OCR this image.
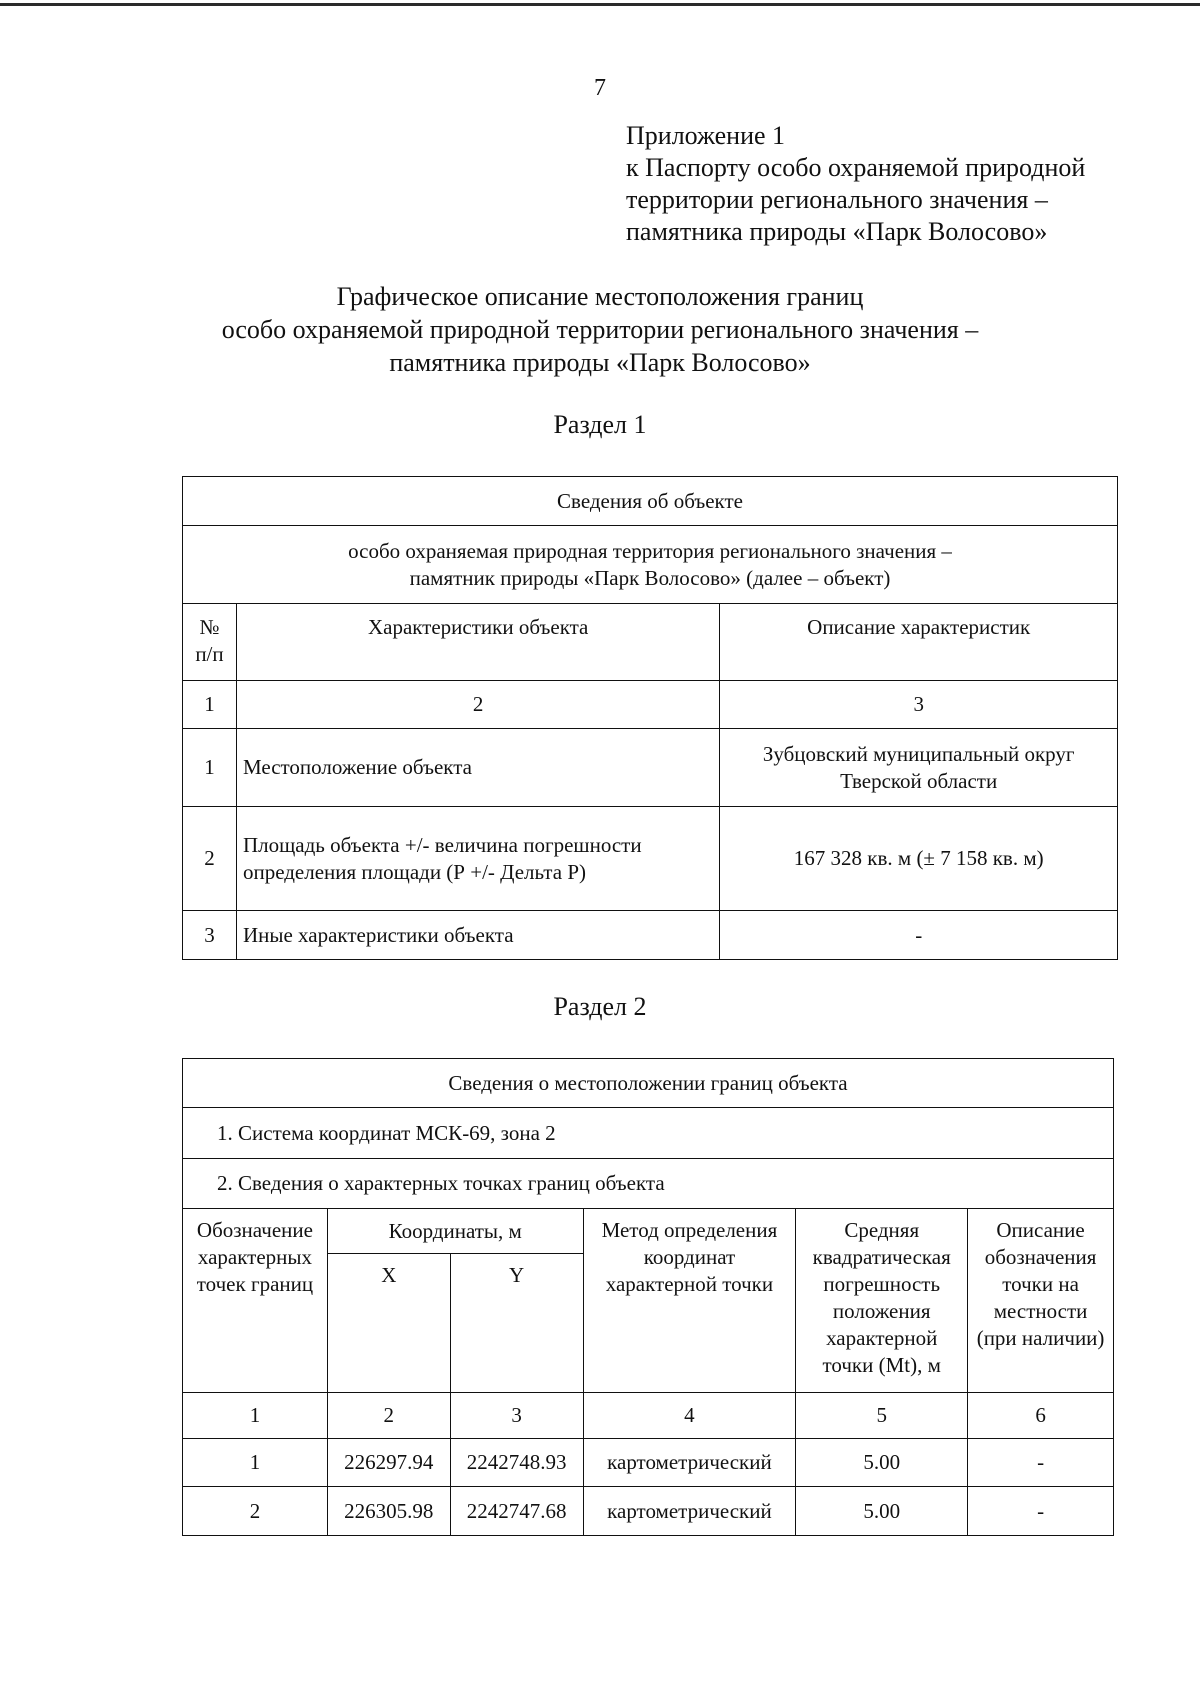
7
Приложение 1
к Паспорту особо охраняемой природной
территории регионального значения –
памятника природы «Парк Волосово»
Графическое описание местоположения границ
особо охраняемой природной территории регионального значения –
памятника природы «Парк Волосово»
Раздел 1
Сведения об объекте		

особо охраняемая природная территория регионального значения –
памятник природы «Парк Волосово» (далее – объект)		

№ п/п	Характеристики объекта	Описание характеристик
1	2	3
1	Местоположение объекта	Зубцовский муниципальный округ Тверской области
2	Площадь объекта +/- величина погрешности определения площади (Р +/- Дельта Р)	167 328 кв. м (± 7 158 кв. м)
3	Иные характеристики объекта	-
Раздел 2
Сведения о местоположении границ объекта					
1. Система координат МСК-69, зона 2					
2. Сведения о характерных точках границ объекта					
Обозначение характерных точек границ	Координаты, м		Метод определения координат характерной точки	Средняя квадратическая погрешность положения характерной точки (Mt), м	Описание обозначения точки на местности (при наличии)
	X	Y			
1	2	3	4	5	6
1	226297.94	2242748.93	картометрический	5.00	-
2	226305.98	2242747.68	картометрический	5.00	-
